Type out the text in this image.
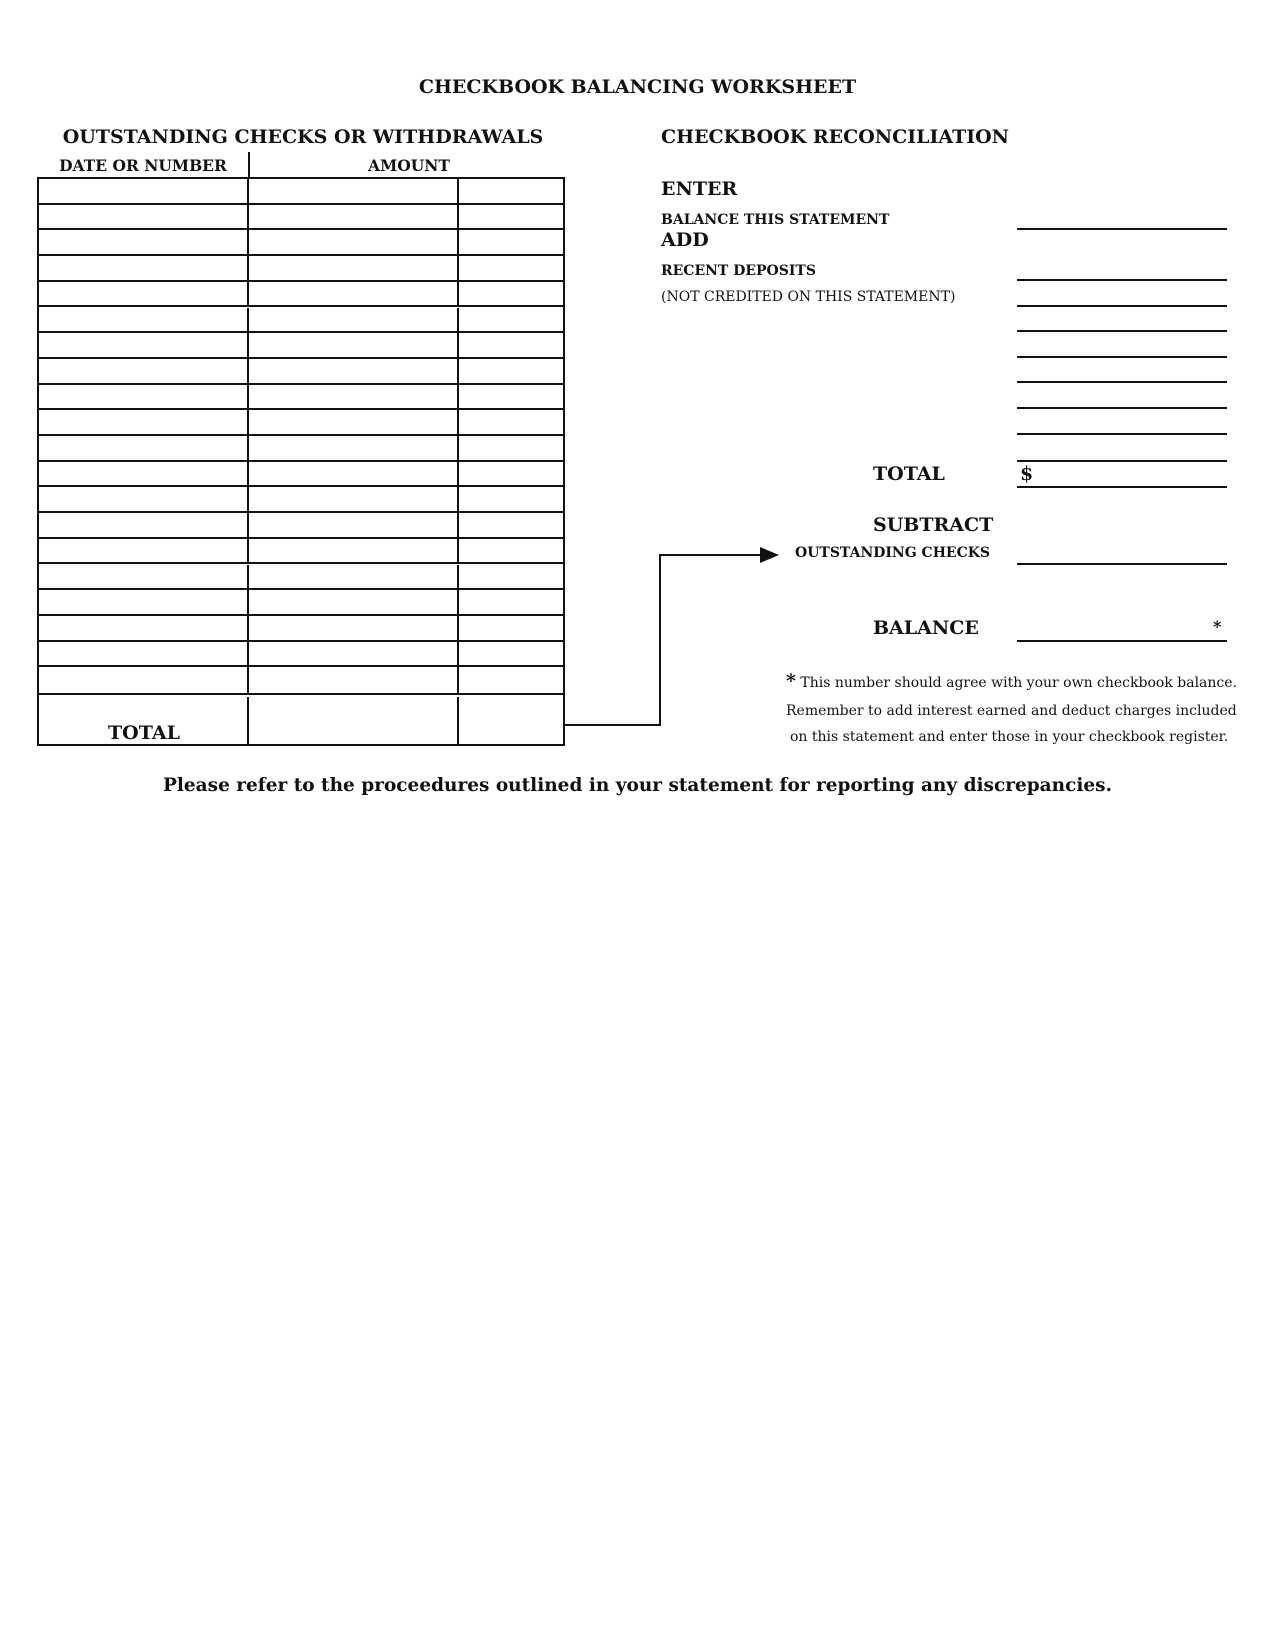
CHECKBOOK BALANCING WORKSHEET
OUTSTANDING CHECKS OR WITHDRAWALS
DATE OR NUMBER	AMOUNT
TOTAL
CHECKBOOK RECONCILIATION
ENTER
BALANCE THIS STATEMENT
ADD
RECENT DEPOSITS
(NOT CREDITED ON THIS STATEMENT)
TOTAL	$
SUBTRACT
OUTSTANDING CHECKS
BALANCE	*
* This number should agree with your own checkbook balance.
Remember to add interest earned and deduct charges included
on this statement and enter those in your checkbook register.
Please refer to the proceedures outlined in your statement for reporting any discrepancies.
